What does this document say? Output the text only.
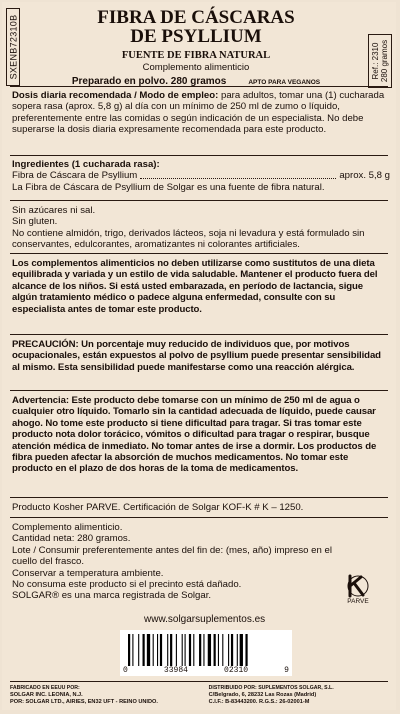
SXENB72310B	Ref.: 2310 280 gramos
FIBRA DE CÁSCARAS
DE PSYLLIUM
FUENTE DE FIBRA NATURAL
Complemento alimenticio
Preparado en polvo. 280 gramos	APTO PARA VEGANOS

Dosis diaria recomendada / Modo de empleo: para adultos, tomar una (1) cucharada sopera rasa (aprox. 5,8 g) al día con un mínimo de 250 ml de zumo o líquido, preferentemente entre las comidas o según indicación de un especialista. No debe superarse la dosis diaria expresamente recomendada para este producto.

Ingredientes (1 cucharada rasa):

Fibra de Cáscara de Psyllium	aprox. 5,8 g

La Fibra de Cáscara de Psyllium de Solgar es una fuente de fibra natural.

Sin azúcares ni sal.

Sin gluten.

No contiene almidón, trigo, derivados lácteos, soja ni levadura y está formulado sin conservantes, edulcorantes, aromatizantes ni colorantes artificiales.

Los complementos alimenticios no deben utilizarse como sustitutos de una dieta equilibrada y variada y un estilo de vida saludable. Mantener el producto fuera del alcance de los niños. Si está usted embarazada, en período de lactancia, sigue algún tratamiento médico o padece alguna enfermedad, consulte con su especialista antes de tomar este producto.

PRECAUCIÓN: Un porcentaje muy reducido de individuos que, por motivos ocupacionales, están expuestos al polvo de psyllium puede presentar sensibilidad al mismo. Esta sensibilidad puede manifestarse como una reacción alérgica.

Advertencia: Este producto debe tomarse con un mínimo de 250 ml de agua o cualquier otro líquido. Tomarlo sin la cantidad adecuada de líquido, puede causar ahogo. No tome este producto si tiene dificultad para tragar. Si tras tomar este producto nota dolor torácico, vómitos o dificultad para tragar o respirar, busque atención médica de inmediato. No tomar antes de irse a dormir. Los productos de fibra pueden afectar la absorción de muchos medicamentos. No tomar este producto en el plazo de dos horas de la toma de medicamentos.

Producto Kosher PARVE. Certificación de Solgar KOF-K # K – 1250.

Complemento alimenticio.

Cantidad neta: 280 gramos.

Lote / Consumir preferentemente antes del fin de: (mes, año) impreso en el cuello del frasco.

Conservar a temperatura ambiente.

No consuma este producto si el precinto está dañado.

SOLGAR® es una marca registrada de Solgar.

www.solgarsuplementos.es
PARVE
0	33984	02310	9
FABRICADO EN EEUU POR:
SOLGAR INC. LEONIA, N.J.
POR: SOLGAR LTD., AIRIES, EN32 UFT - REINO UNIDO.
DISTRIBUIDO POR: SUPLEMENTOS SOLGAR, S.L.
C/Belgrado, 6, 28232 Las Rozas (Madrid)
C.I.F.: B-83443200. R.G.S.: 26-02001-M
